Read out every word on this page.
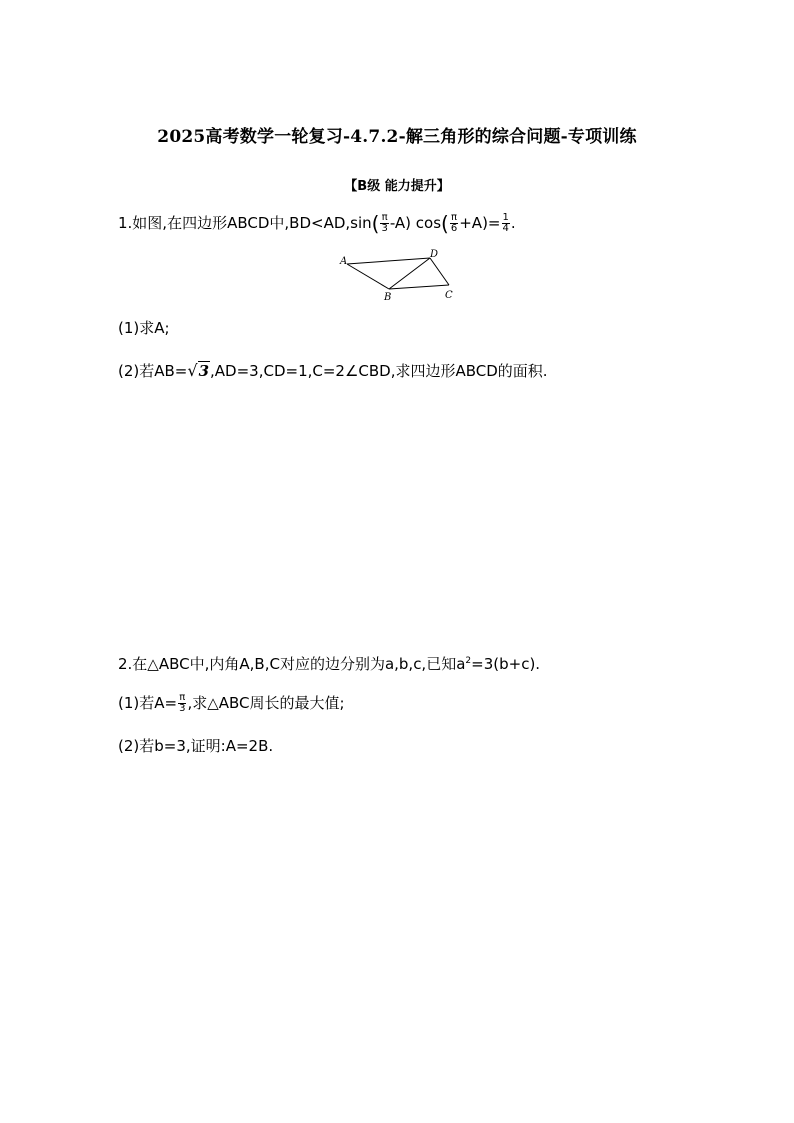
2025高考数学一轮复习-4.7.2-解三角形的综合问题-专项训练
【B级 能力提升】
1.如图,在四边形ABCD中$,BD<AD,\sin( \frac{\pi}{3} -A)$ $\cos( \frac{\pi}{6} +A)= \frac{1}{4}$ .
A
B	C
D
(1)求A;
(2)若AB=√3,AD=3,CD=1,C=2∠CBD,求四边形ABCD的面积.
2.在△ABC中,内角A,B,C对应的边分别为a,b,c,已知$a^2=3(b+c)$.
(1)若$A= \frac{\pi}{3}$ ,求△ABC周长的最大值;
(2)若b=3,证明:A=2B.
